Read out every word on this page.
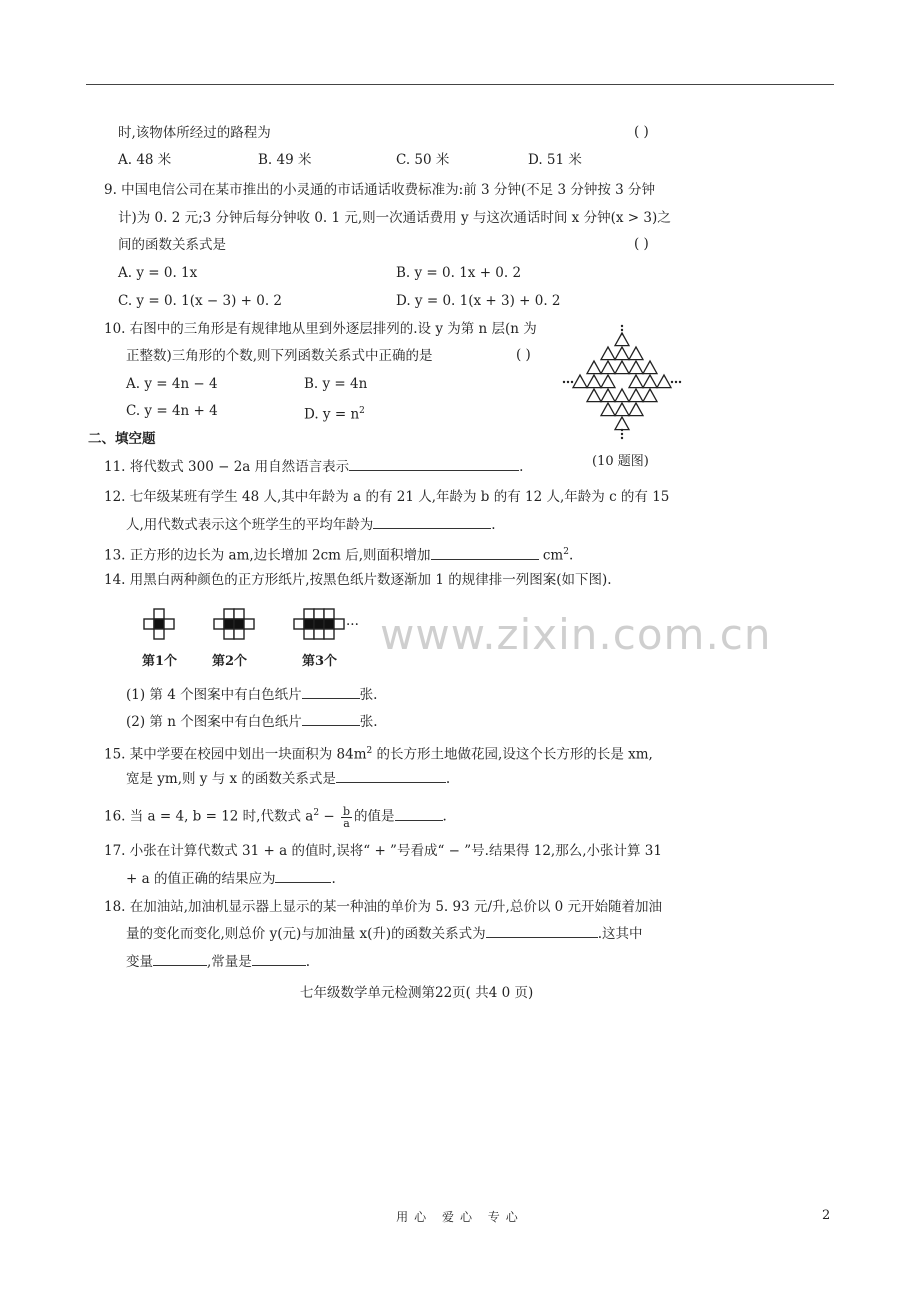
时,该物体所经过的路程为	( )
A. 48 米	B. 49 米	C. 50 米	D. 51 米
9. 中国电信公司在某市推出的小灵通的市话通话收费标准为:前 3 分钟(不足 3 分钟按 3 分钟
计)为 0. 2 元;3 分钟后每分钟收 0. 1 元,则一次通话费用 y 与这次通话时间 x 分钟(x > 3)之
间的函数关系式是	( )
A. y = 0. 1x	B. y = 0. 1x + 0. 2
C. y = 0. 1(x − 3) + 0. 2	D. y = 0. 1(x + 3) + 0. 2
10. 右图中的三角形是有规律地从里到外逐层排列的.设 y 为第 n 层(n 为
正整数)三角形的个数,则下列函数关系式中正确的是	( )
A. y = 4n − 4	B. y = 4n
C. y = 4n + 4	D. $y = n^2$
(10 题图)
二、填空题
11. 将代数式 300 − 2a 用自然语言表示	.
12. 七年级某班有学生 48 人,其中年龄为 a 的有 21 人,年龄为 b 的有 12 人,年龄为 c 的有 15
人,用代数式表示这个班学生的平均年龄为	.
13. 正方形的边长为 am,边长增加 2cm 后,则面积增加	$cm^2$.
14. 用黑白两种颜色的正方形纸片,按黑色纸片数逐渐加 1 的规律排一列图案(如下图).
···
第1个	第2个	第3个
(1) 第 4 个图案中有白色纸片	张.
(2) 第 n 个图案中有白色纸片	张.
15. 某中学要在校园中划出一块面积为 $84m^2$ 的长方形土地做花园,设这个长方形的长是 xm,
宽是 ym,则 y 与 x 的函数关系式是	.
16. 当 a = 4, b = 12 时,代数式 $a^2 - \frac{b}{a}$ 的值是	.
17. 小张在计算代数式 31 + a 的值时,误将“ + ”号看成“ − ”号.结果得 12,那么,小张计算 31
+ a 的值正确的结果应为	.
18. 在加油站,加油机显示器上显示的某一种油的单价为 5. 93 元/升,总价以 0 元开始随着加油
量的变化而变化,则总价 y(元)与加油量 x(升)的函数关系式为	.这其中
变量	,常量是	.
七年级数学单元检测第22页( 共4 0 页)
www.zixin.com.cn
用心 爱心 专心	2
